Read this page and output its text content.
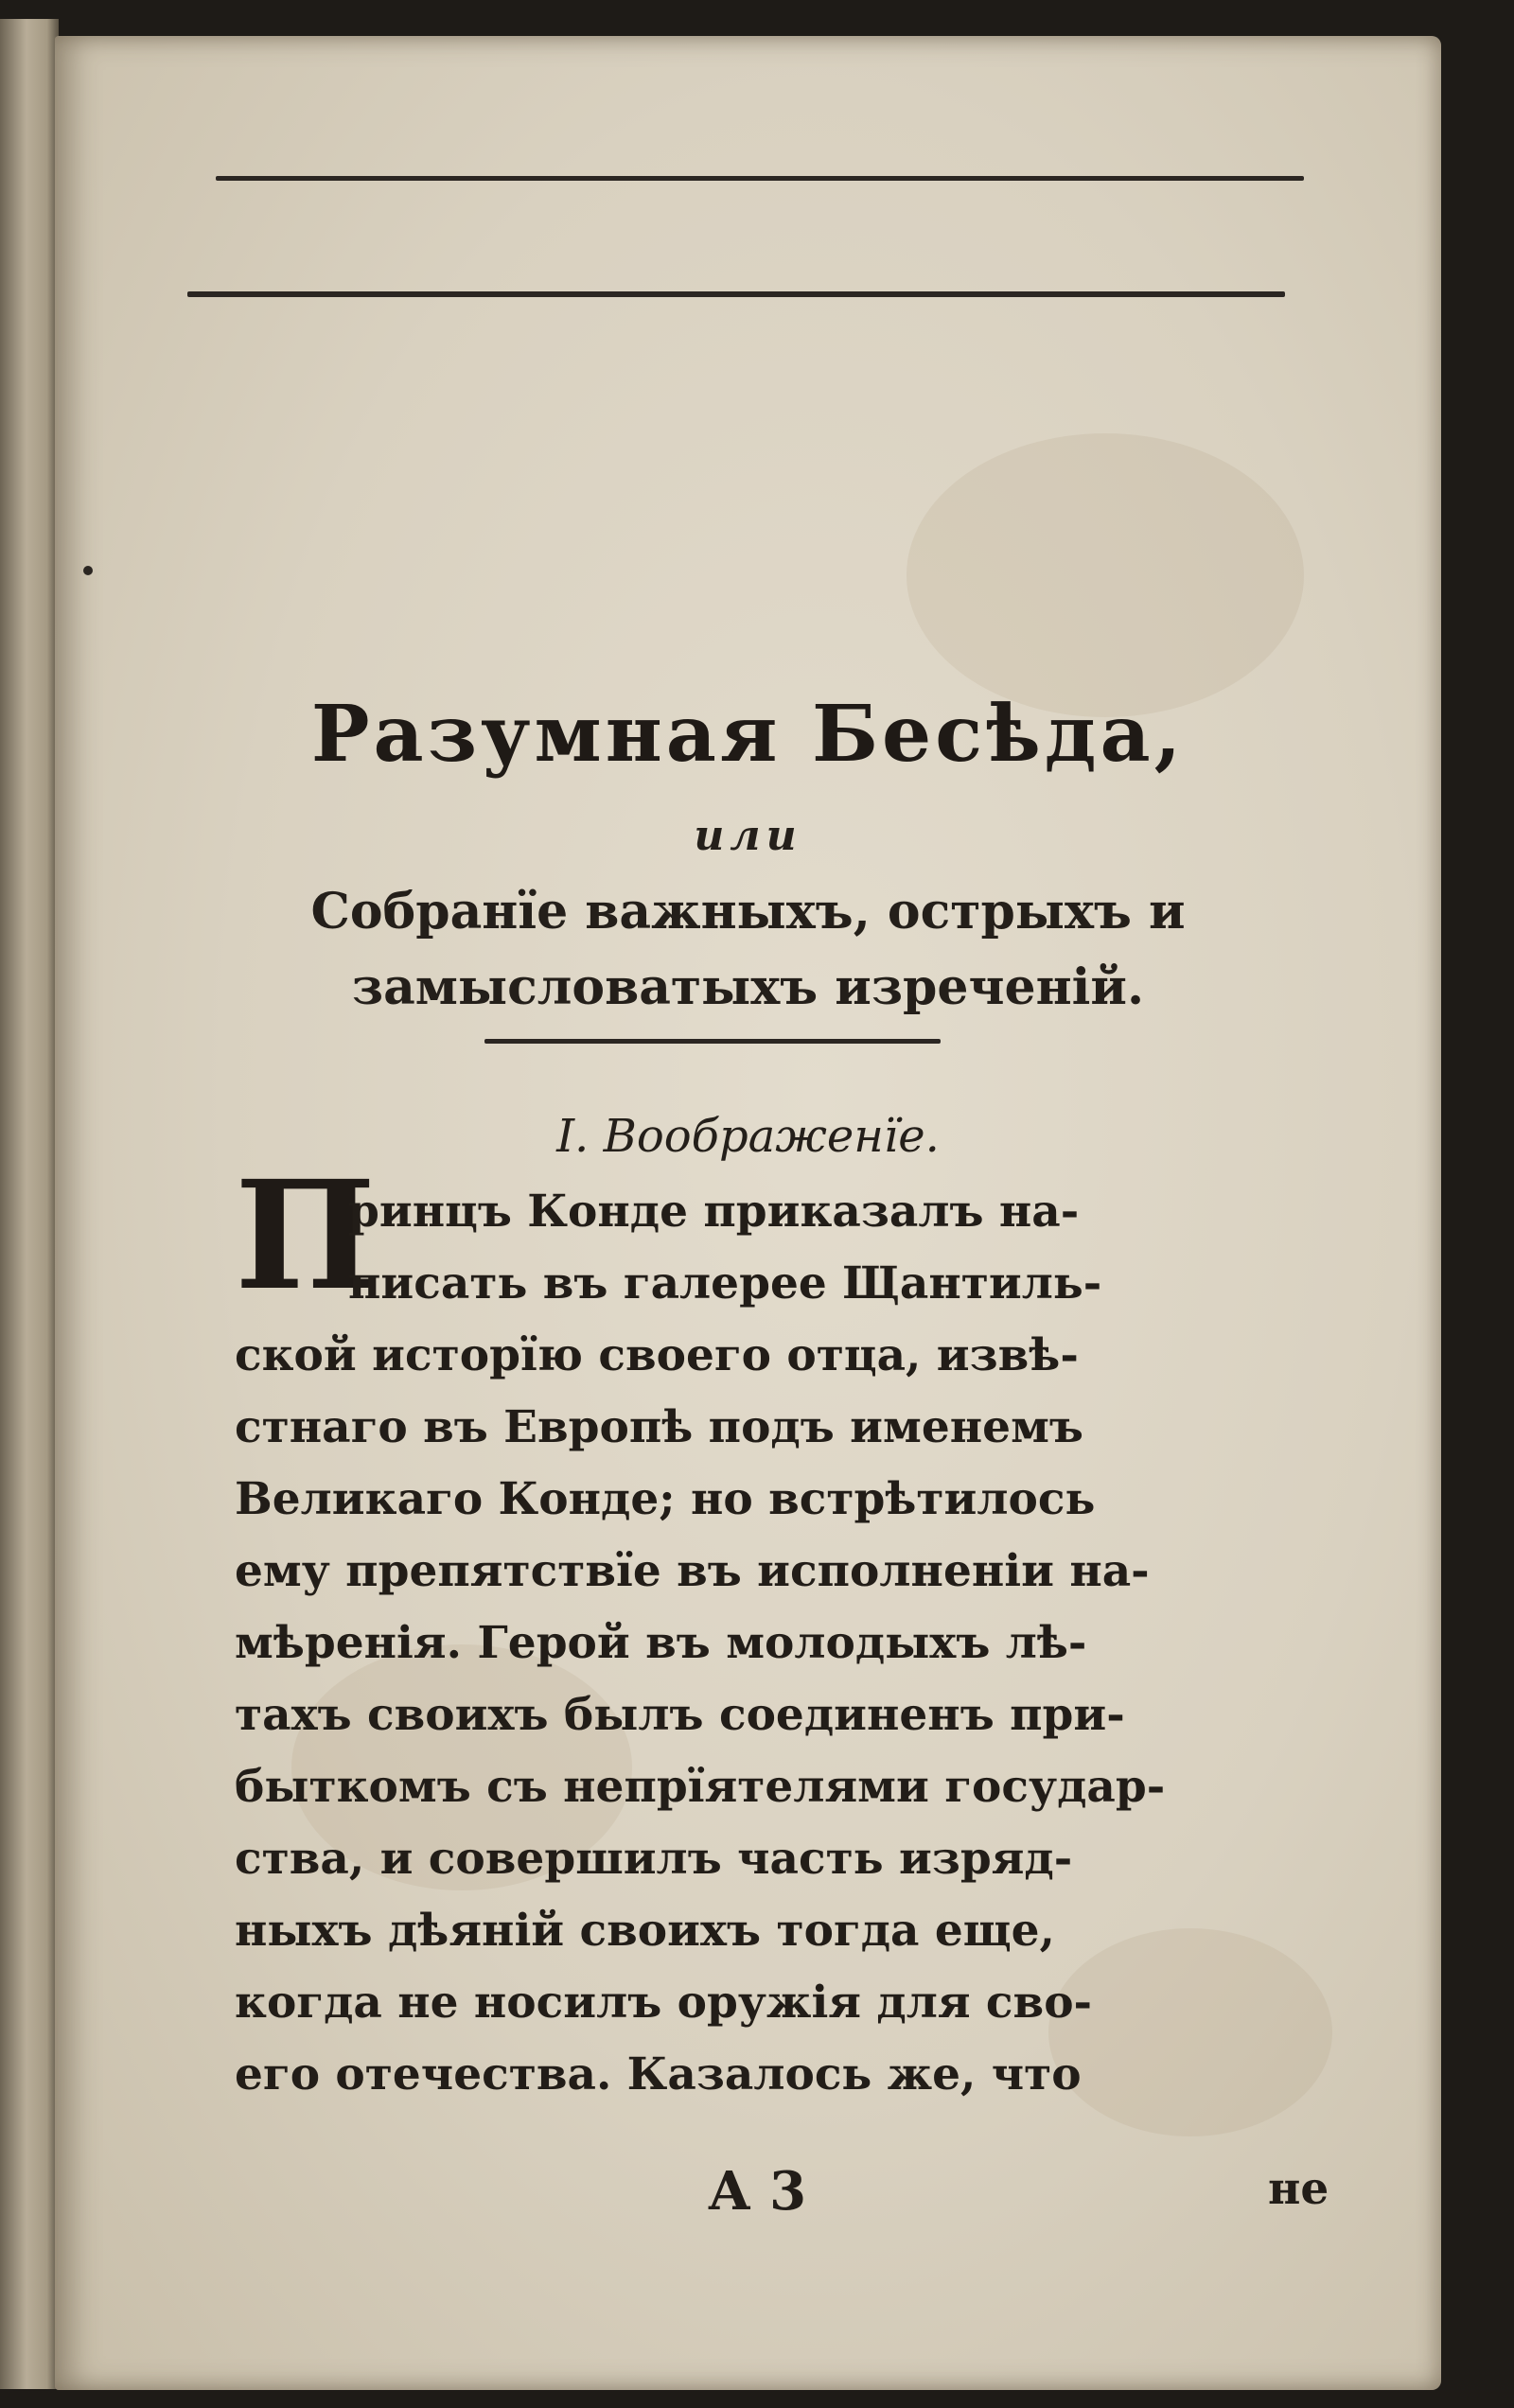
Разумная Бесѣда,

или

Собранїе важныхъ, острыхъ и

замысловатыхъ изреченiй.

I. Воображенїе.

П
ринцъ Конде приказалъ на-
писать въ галерее Щантиль-
ской исторїю своего отца, извѣ-
стнаго въ Европѣ подъ именемъ
Великаго Конде; но встрѣтилось
ему препятствїе въ исполненiи на-
мѣренiя. Герой въ молодыхъ лѣ-
тахъ своихъ былъ соединенъ при-
быткомъ съ непрїятелями государ-
ства, и совершилъ часть изряд-
ныхъ дѣянiй своихъ тогда еще,
когда не носилъ оружiя для сво-
его отечества. Казалось же, что
А 3	не
